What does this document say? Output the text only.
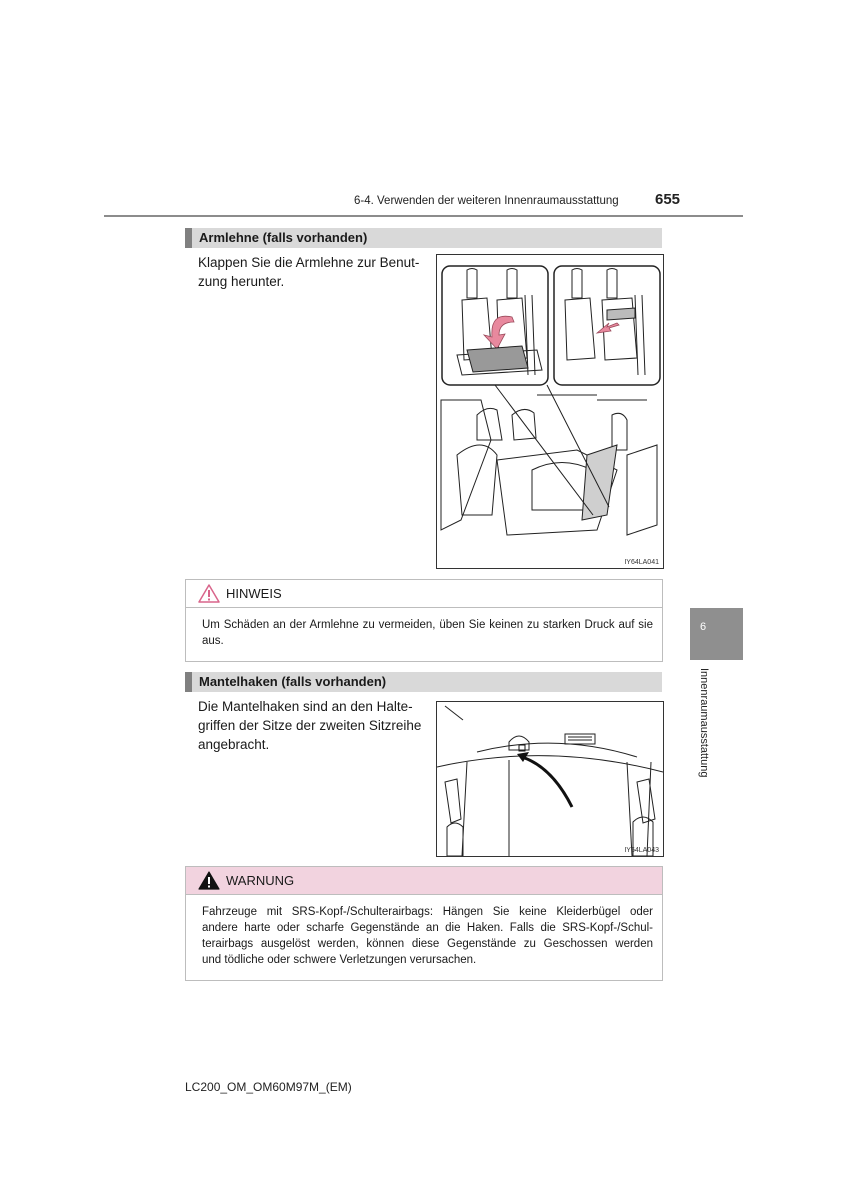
6-4. Verwenden der weiteren Innenraumausstattung 655
Armlehne (falls vorhanden)
Klappen Sie die Armlehne zur Benut-
zung herunter.
IY64LA041
HINWEIS
Um Schäden an der Armlehne zu vermeiden, üben Sie keinen zu starken Druck auf sie aus.
Mantelhaken (falls vorhanden)
Die Mantelhaken sind an den Halte-
griffen der Sitze der zweiten Sitzreihe
angebracht.
IY64LA043
WARNUNG
Fahrzeuge mit SRS-Kopf-/Schulterairbags: Hängen Sie keine Kleiderbügel oder
andere harte oder scharfe Gegenstände an die Haken. Falls die SRS-Kopf-/Schul-
terairbags ausgelöst werden, können diese Gegenstände zu Geschossen werden
und tödliche oder schwere Verletzungen verursachen.
6
Innenraumausstattung
LC200_OM_OM60M97M_(EM)
